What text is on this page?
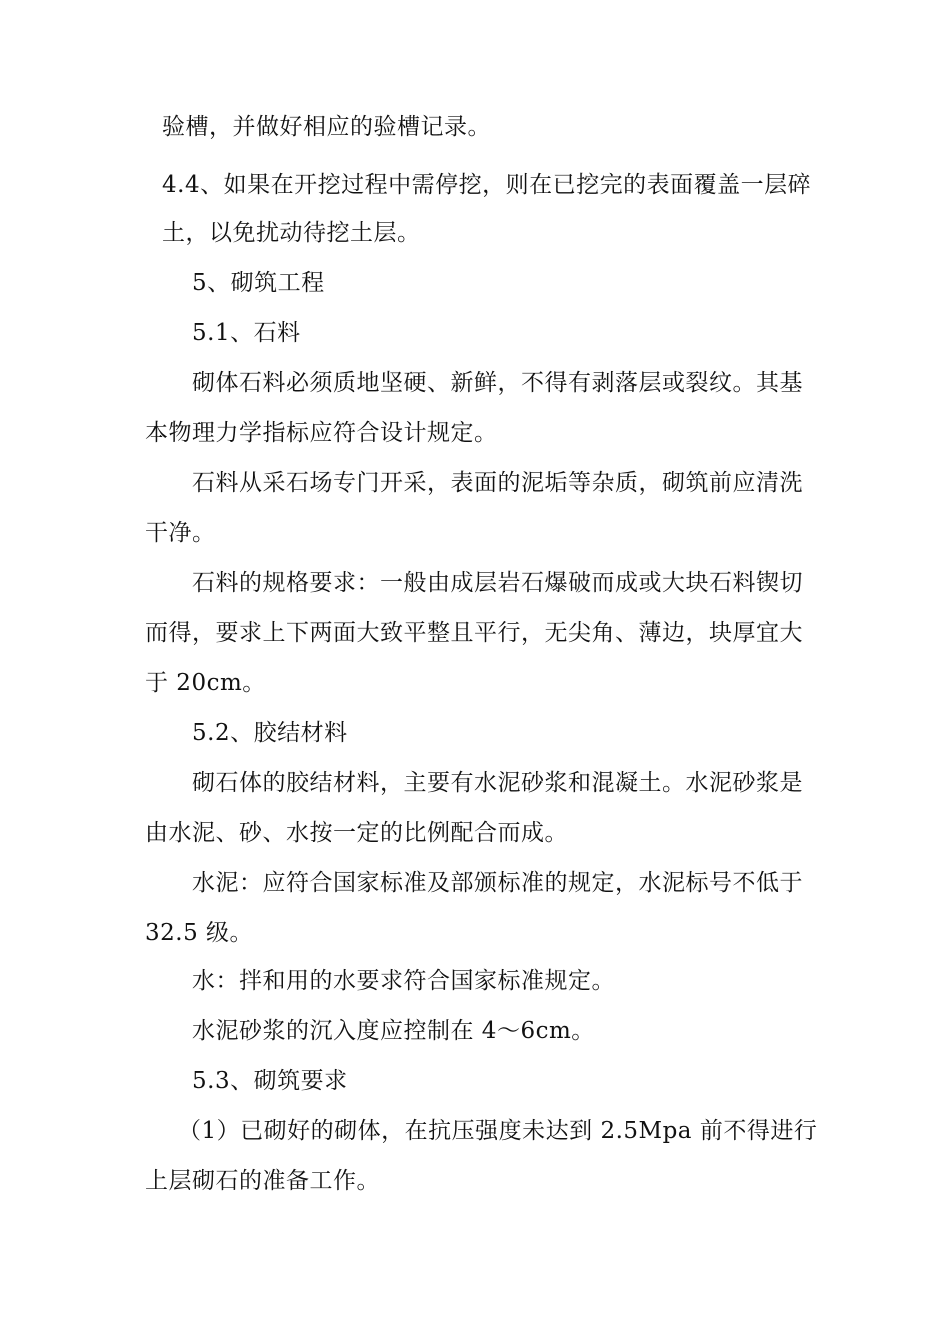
验槽，并做好相应的验槽记录。
4.4、如果在开挖过程中需停挖，则在已挖完的表面覆盖一层碎
土，以免扰动待挖土层。
5、砌筑工程
5.1、石料
砌体石料必须质地坚硬、新鲜，不得有剥落层或裂纹。其基
本物理力学指标应符合设计规定。
石料从采石场专门开采，表面的泥垢等杂质，砌筑前应清洗
干净。
石料的规格要求：一般由成层岩石爆破而成或大块石料锲切
而得，要求上下两面大致平整且平行，无尖角、薄边，块厚宜大
于 20cm。
5.2、胶结材料
砌石体的胶结材料，主要有水泥砂浆和混凝土。水泥砂浆是
由水泥、砂、水按一定的比例配合而成。
水泥：应符合国家标准及部颁标准的规定，水泥标号不低于
32.5 级。
水：拌和用的水要求符合国家标准规定。
水泥砂浆的沉入度应控制在 4～6cm。
5.3、砌筑要求
（1）已砌好的砌体，在抗压强度未达到 2.5Mpa 前不得进行
上层砌石的准备工作。
